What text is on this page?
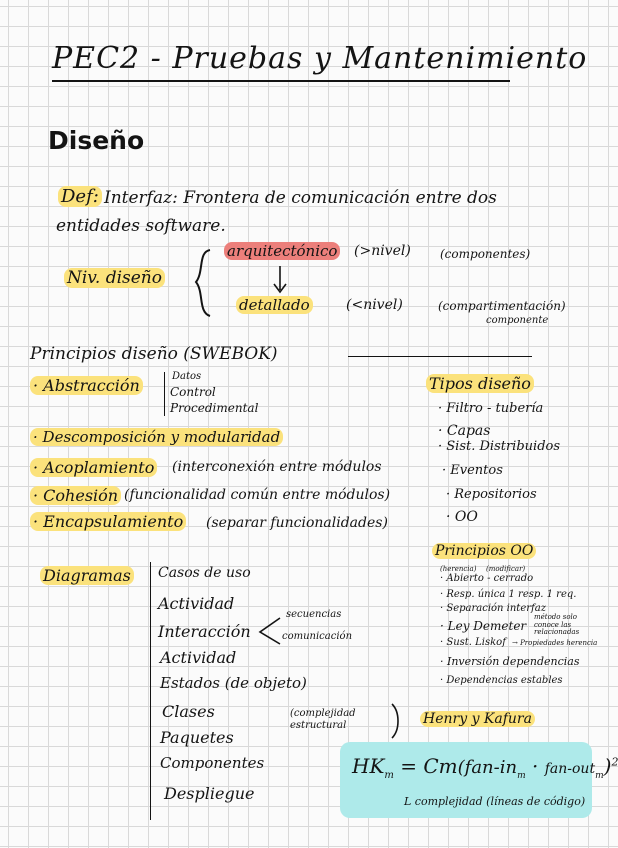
PEC2 - Pruebas y Mantenimiento
Diseño
Def: Interfaz: Frontera de comunicación entre dos
entidades software.
Niv. diseño
arquitectónico (>nivel) (componentes)
detallado	(<nivel)	(compartimentación)
componente
Principios diseño (SWEBOK)
· Abstracción	Datos
Control
Procedimental
· Descomposición y modularidad
· Acoplamiento (interconexión entre módulos
· Cohesión (funcionalidad común entre módulos)
· Encapsulamiento (separar funcionalidades)
Tipos diseño
· Filtro - tubería
· Capas
· Sist. Distribuidos
· Eventos
· Repositorios
· OO
Principios OO
(herencia) (modificar)
· Abierto - cerrado
· Resp. única 1 resp. 1 req.
· Separación interfaz
· Ley Demeter
método solo conoce las relacionadas
· Sust. Liskof → Propiedades herencia
· Inversión dependencias
· Dependencias estables
Diagramas Casos de uso
Actividad
Interacción
Actividad
Estados (de objeto)
Clases
Paquetes
Componentes
Despliegue
secuencias
comunicación
(complejidad estructural	Henry y Kafura
$HK_m = Cm(fan-in_m \cdot fan-out_m)^2$
L complejidad (líneas de código)
